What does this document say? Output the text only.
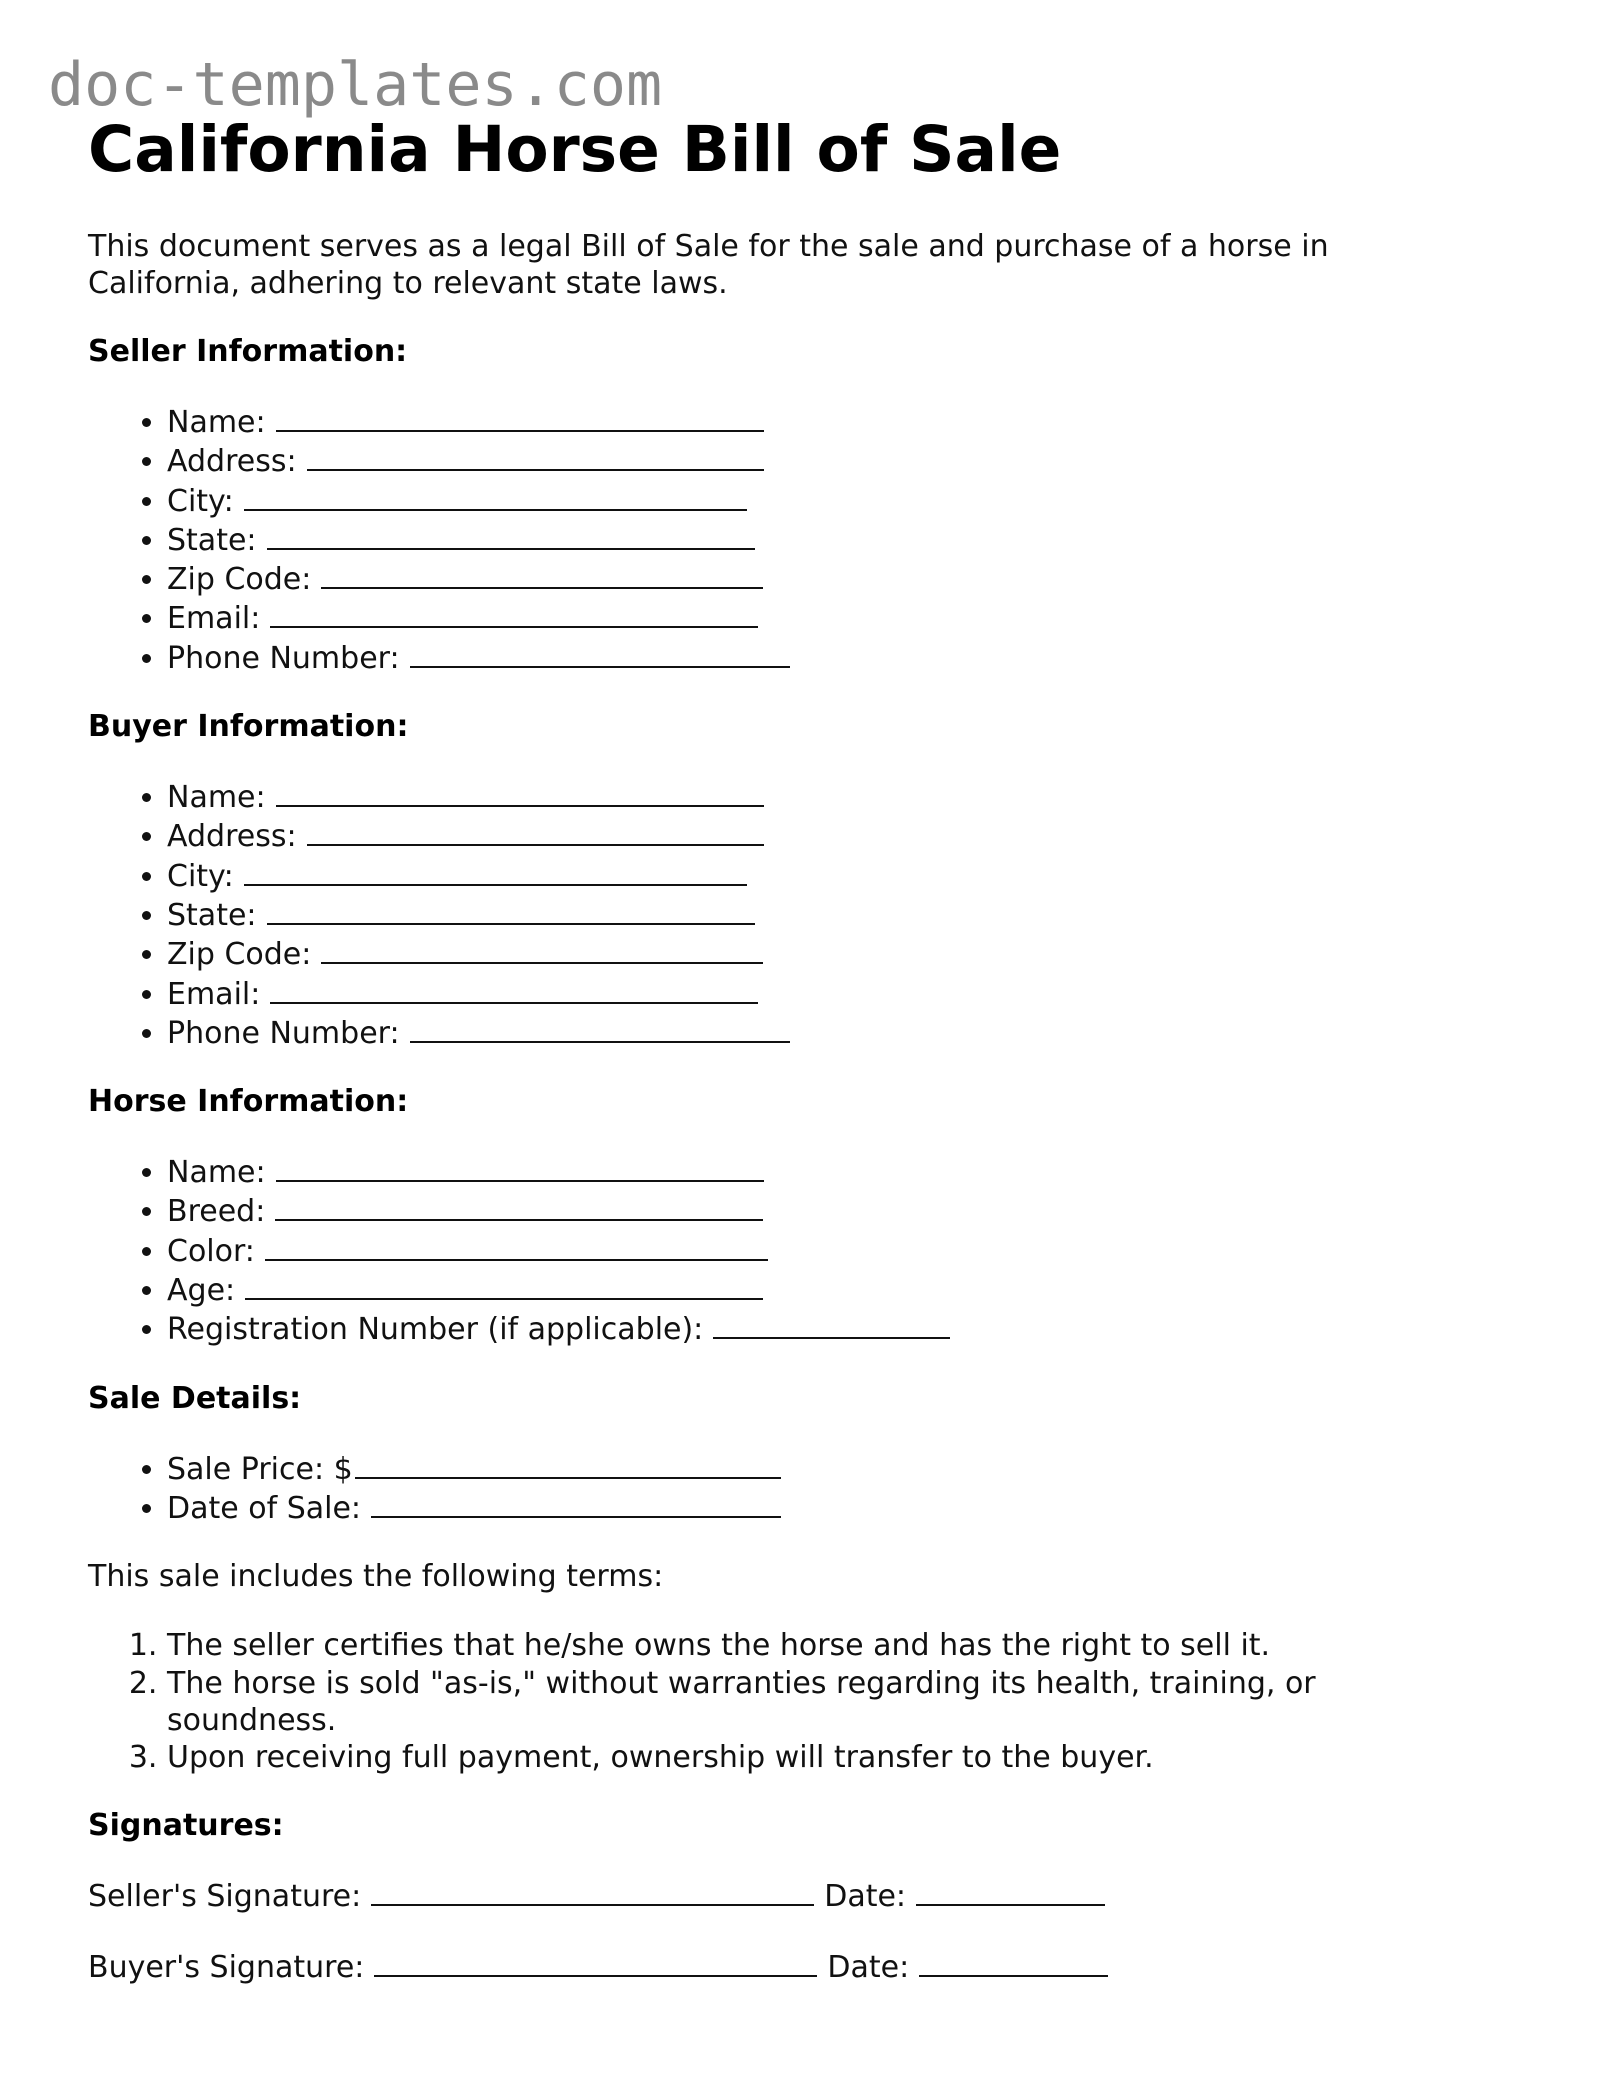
doc-templates.com
California Horse Bill of Sale

This document serves as a legal Bill of Sale for the sale and purchase of a horse in California, adhering to relevant state laws.

Seller Information:
• Name:
• Address:
• City:
• State:
• Zip Code:
• Email:
• Phone Number:
Buyer Information:
• Name:
• Address:
• City:
• State:
• Zip Code:
• Email:
• Phone Number:
Horse Information:
• Name:
• Breed:
• Color:
• Age:
• Registration Number (if applicable):
Sale Details:
• Sale Price: $
• Date of Sale:

This sale includes the following terms:

1. The seller certifies that he/she owns the horse and has the right to sell it.
2. The horse is sold "as-is," without warranties regarding its health, training, or soundness.
3. Upon receiving full payment, ownership will transfer to the buyer.
Signatures:
Seller's Signature:	Date:
Buyer's Signature:	Date:
